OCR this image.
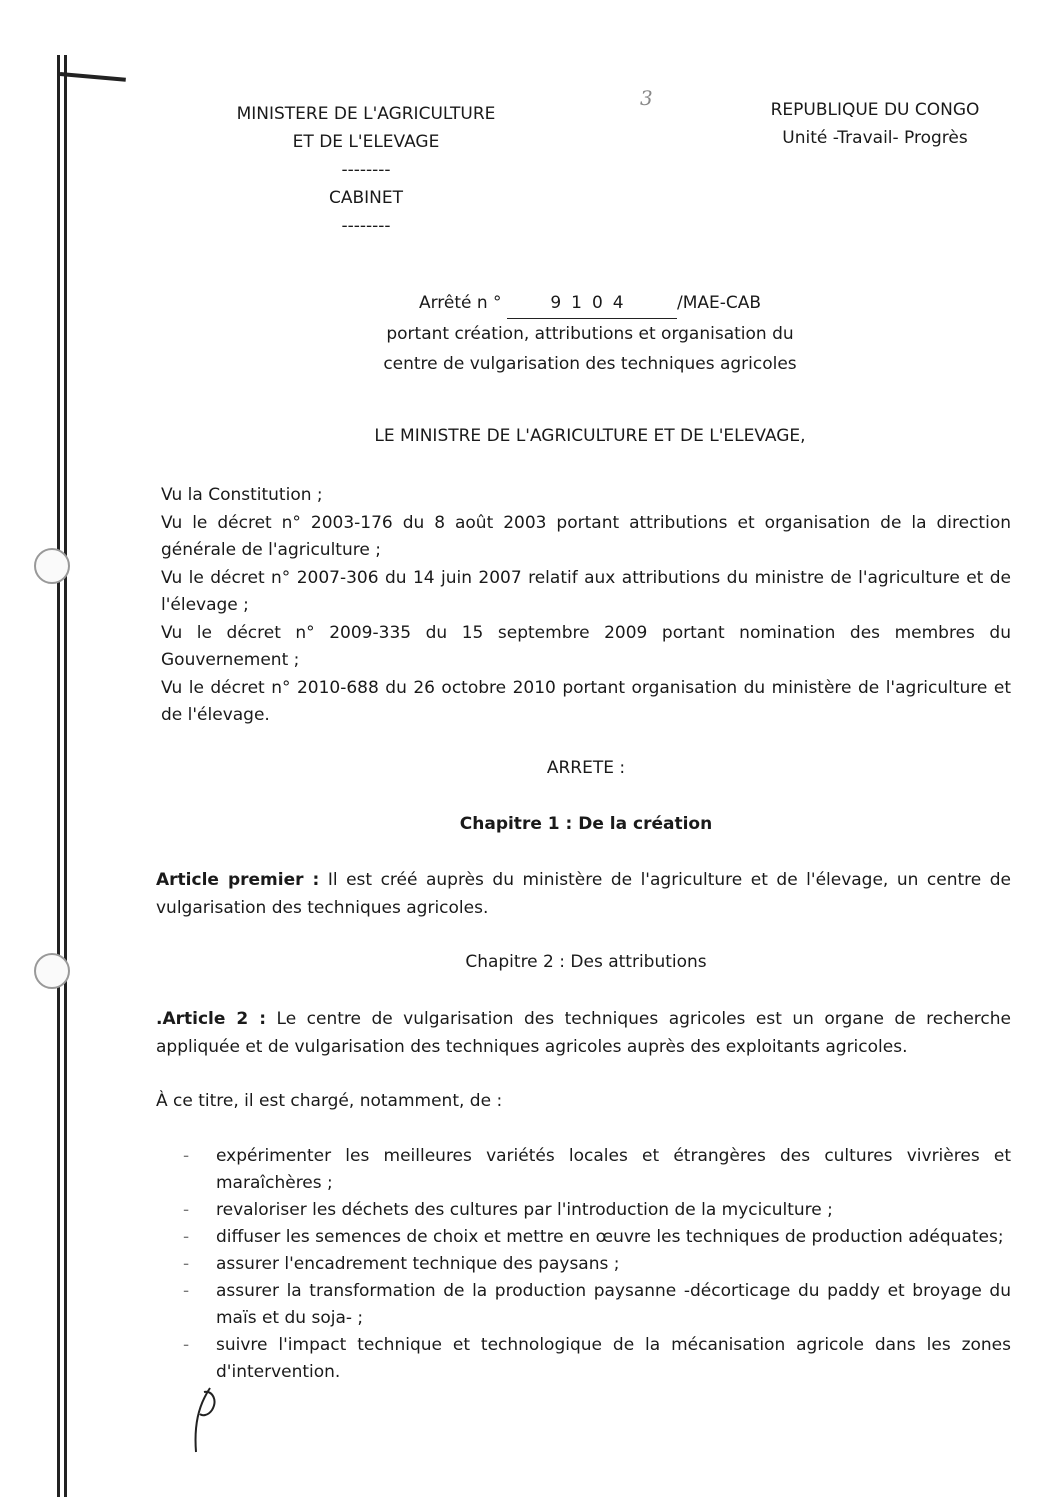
MINISTERE DE L'AGRICULTURE
ET DE L'ELEVAGE
--------
CABINET
--------
3	REPUBLIQUE DU CONGO
Unité -Travail- Progrès
Arrêté n °	9104	/MAE-CAB
portant création, attributions et organisation du
centre de vulgarisation des techniques agricoles
LE MINISTRE DE L'AGRICULTURE ET DE L'ELEVAGE,

Vu la Constitution ;

Vu le décret n° 2003-176 du 8 août 2003 portant attributions et organisation de la direction générale de l'agriculture ;

Vu le décret n° 2007-306 du 14 juin 2007 relatif aux attributions du ministre de l'agriculture et de l'élevage ;

Vu le décret n° 2009-335 du 15 septembre 2009 portant nomination des membres du Gouvernement ;

Vu le décret n° 2010-688 du 26 octobre 2010 portant organisation du ministère de l'agriculture et de l'élevage.

ARRETE :
Chapitre 1 : De la création
Article premier : Il est créé auprès du ministère de l'agriculture et de l'élevage, un centre de vulgarisation des techniques agricoles.
Chapitre 2 : Des attributions
.Article 2 : Le centre de vulgarisation des techniques agricoles est un organe de recherche appliquée et de vulgarisation des techniques agricoles auprès des exploitants agricoles.
À ce titre, il est chargé, notamment, de :
- expérimenter les meilleures variétés locales et étrangères des cultures vivrières et maraîchères ;
- revaloriser les déchets des cultures par l'introduction de la myciculture ;
- diffuser les semences de choix et mettre en œuvre les techniques de production adéquates;
- assurer l'encadrement technique des paysans ;
- assurer la transformation de la production paysanne -décorticage du paddy et broyage du maïs et du soja- ;
- suivre l'impact technique et technologique de la mécanisation agricole dans les zones d'intervention.
